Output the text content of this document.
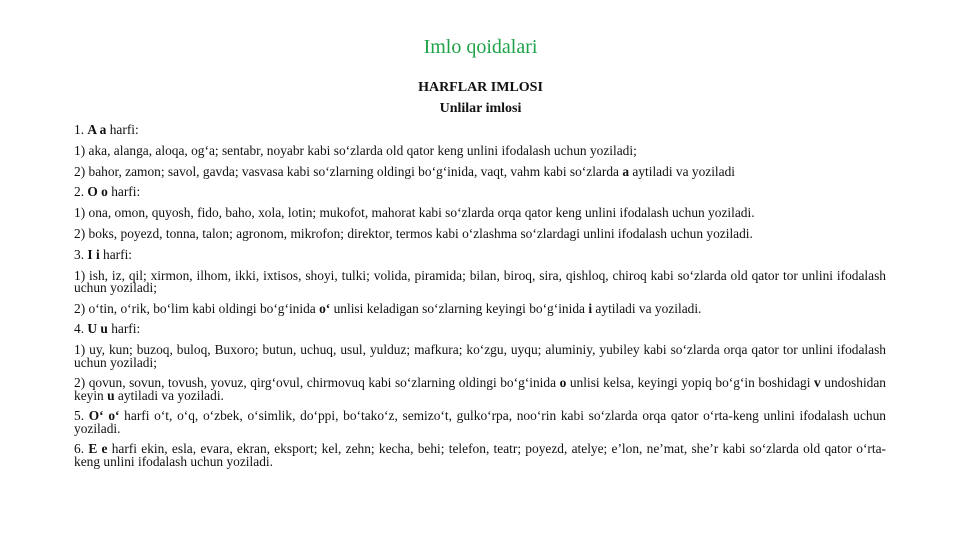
Imlo qoidalari
HARFLAR IMLOSI
Unlilar imlosi

1. A a harfi:

1) aka, alanga, aloqa, og‘a; sentabr, noyabr kabi so‘zlarda old qator keng unlini ifodalash uchun yoziladi;

2) bahor, zamon; savol, gavda; vasvasa kabi so‘zlarning oldingi bo‘g‘inida, vaqt, vahm kabi so‘zlarda a aytiladi va yoziladi

2. O o harfi:

1) ona, omon, quyosh, fido, baho, xola, lotin; mukofot, mahorat kabi so‘zlarda orqa qator keng unlini ifodalash uchun yoziladi.

2) boks, poyezd, tonna, talon; agronom, mikrofon; direktor, termos kabi o‘zlashma so‘zlardagi unlini ifodalash uchun yoziladi.

3. I i harfi:

1) ish, iz, qil; xirmon, ilhom, ikki, ixtisos, shoyi, tulki; volida, piramida; bilan, biroq, sira, qishloq, chiroq kabi so‘zlarda old qator tor unlini ifodalash uchun yoziladi;

2) o‘tin, o‘rik, bo‘lim kabi oldingi bo‘g‘inida o‘ unlisi keladigan so‘zlarning keyingi bo‘g‘inida i aytiladi va yoziladi.

4. U u harfi:

1) uy, kun; buzoq, buloq, Buxoro; butun, uchuq, usul, yulduz; mafkura; ko‘zgu, uyqu; aluminiy, yubiley kabi so‘zlarda orqa qator tor unlini ifodalash uchun yoziladi;

2) qovun, sovun, tovush, yovuz, qirg‘ovul, chirmovuq kabi so‘zlarning oldingi bo‘g‘inida o unlisi kelsa, keyingi yopiq bo‘g‘in boshidagi v undoshidan keyin u aytiladi va yoziladi.

5. O‘ o‘ harfi o‘t, o‘q, o‘zbek, o‘simlik, do‘ppi, bo‘tako‘z, semizo‘t, gulko‘rpa, noo‘rin kabi so‘zlarda orqa qator o‘rta-keng unlini ifodalash uchun yoziladi.

6. E e harfi ekin, esla, evara, ekran, eksport; kel, zehn; kecha, behi; telefon, teatr; poyezd, atelye; e’lon, ne’mat, she’r kabi so‘zlarda old qator o‘rta-keng unlini ifodalash uchun yoziladi.
